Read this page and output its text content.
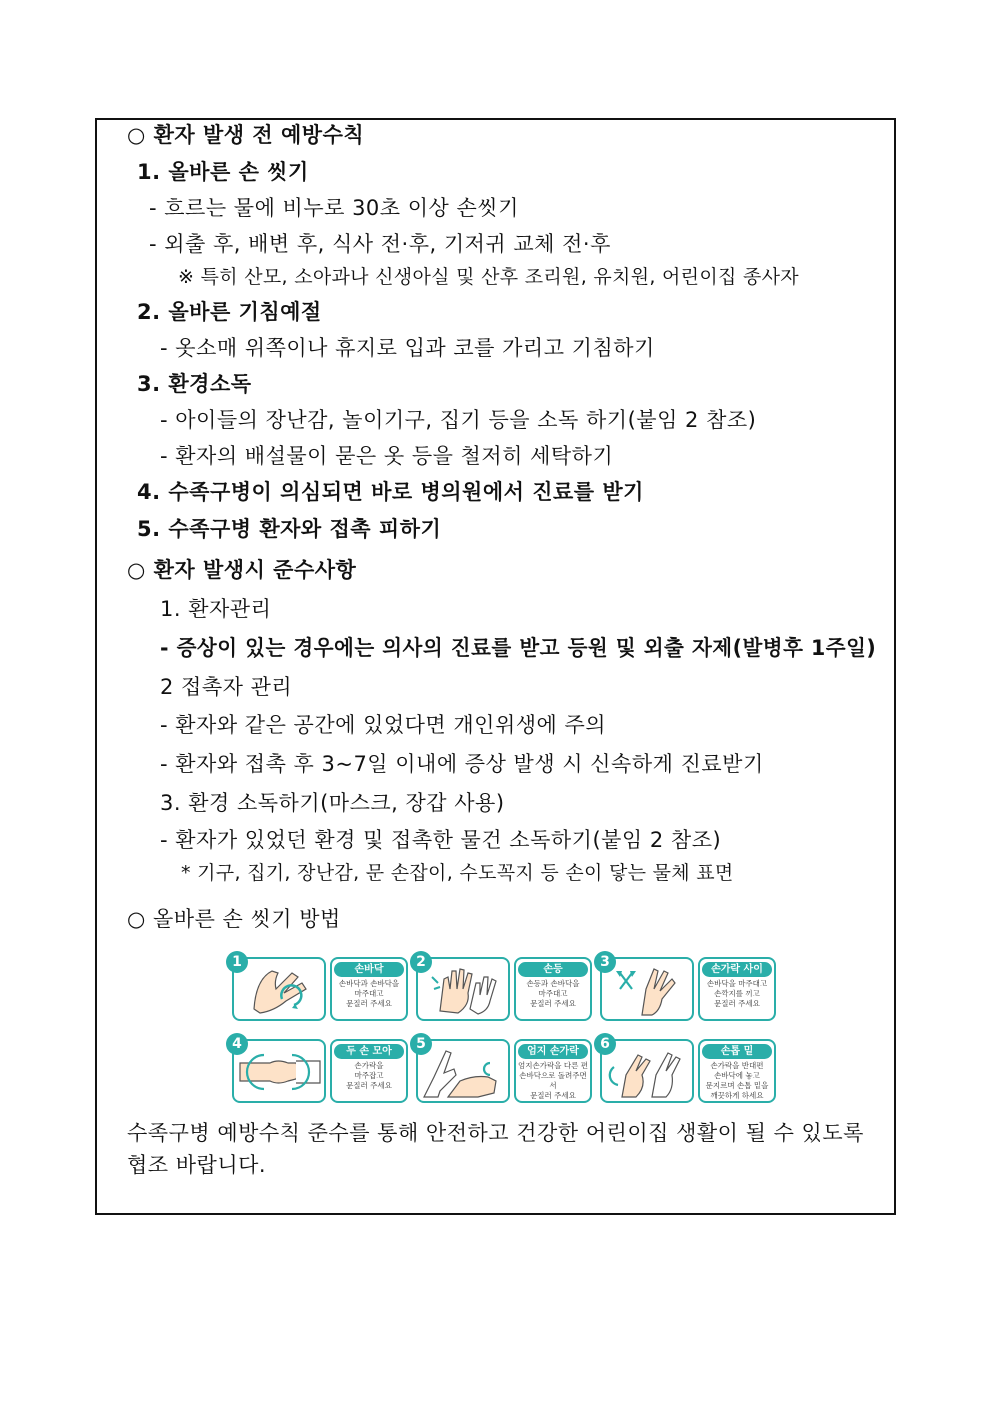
○ 환자 발생 전 예방수칙
1. 올바른 손 씻기
- 흐르는 물에 비누로 30초 이상 손씻기
- 외출 후, 배변 후, 식사 전·후, 기저귀 교체 전·후
※ 특히 산모, 소아과나 신생아실 및 산후 조리원, 유치원, 어린이집 종사자
2. 올바른 기침예절
- 옷소매 위쪽이나 휴지로 입과 코를 가리고 기침하기
3. 환경소독
- 아이들의 장난감, 놀이기구, 집기 등을 소독 하기(붙임 2 참조)
- 환자의 배설물이 묻은 옷 등을 철저히 세탁하기
4. 수족구병이 의심되면 바로 병의원에서 진료를 받기
5. 수족구병 환자와 접촉 피하기
○ 환자 발생시 준수사항
1. 환자관리
- 증상이 있는 경우에는 의사의 진료를 받고 등원 및 외출 자제(발병후 1주일)
2 접촉자 관리
- 환자와 같은 공간에 있었다면 개인위생에 주의
- 환자와 접촉 후 3~7일 이내에 증상 발생 시 신속하게 진료받기
3. 환경 소독하기(마스크, 장갑 사용)
- 환자가 있었던 환경 및 접촉한 물건 소독하기(붙임 2 참조)
* 기구, 집기, 장난감, 문 손잡이, 수도꼭지 등 손이 닿는 물체 표면
○ 올바른 손 씻기 방법
1	손바닥
손바닥과 손바닥을
마주대고
문질러 주세요
2	손등
손등과 손바닥을
마주대고
문질러 주세요
3	손가락 사이
손바닥을 마주대고
손깍지를 끼고
문질러 주세요
4	두 손 모아
손가락을
마주잡고
문질러 주세요
5	엄지 손가락
엄지손가락을 다른 편
손바닥으로 돌려주면서
문질러 주세요
6	손톱 밑
손가락을 반대편
손바닥에 놓고
문지르며 손톱 밑을
깨끗하게 하세요
수족구병 예방수칙 준수를 통해 안전하고 건강한 어린이집 생활이 될 수 있도록
협조 바랍니다.
